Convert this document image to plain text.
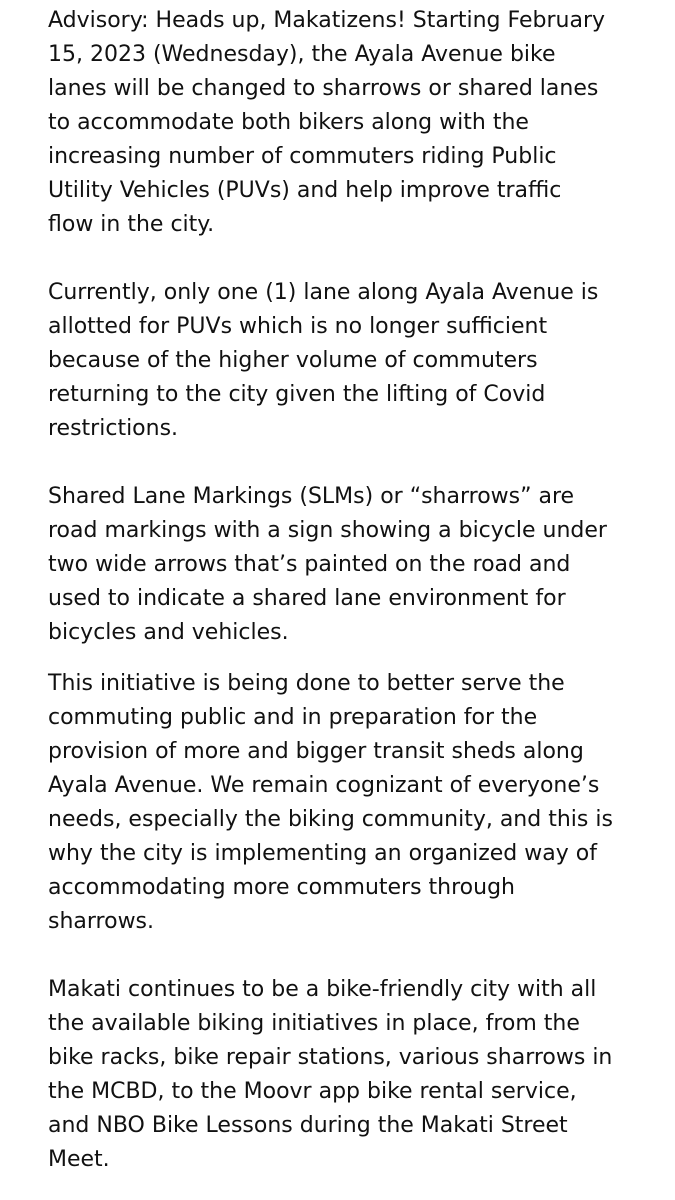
Advisory: Heads up, Makatizens! Starting February
15, 2023 (Wednesday), the Ayala Avenue bike
lanes will be changed to sharrows or shared lanes
to accommodate both bikers along with the
increasing number of commuters riding Public
Utility Vehicles (PUVs) and help improve traffic
flow in the city.

Currently, only one (1) lane along Ayala Avenue is
allotted for PUVs which is no longer sufficient
because of the higher volume of commuters
returning to the city given the lifting of Covid
restrictions.

Shared Lane Markings (SLMs) or “sharrows” are
road markings with a sign showing a bicycle under
two wide arrows that’s painted on the road and
used to indicate a shared lane environment for
bicycles and vehicles.

This initiative is being done to better serve the
commuting public and in preparation for the
provision of more and bigger transit sheds along
Ayala Avenue. We remain cognizant of everyone’s
needs, especially the biking community, and this is
why the city is implementing an organized way of
accommodating more commuters through
sharrows.

Makati continues to be a bike-friendly city with all
the available biking initiatives in place, from the
bike racks, bike repair stations, various sharrows in
the MCBD, to the Moovr app bike rental service,
and NBO Bike Lessons during the Makati Street
Meet.
